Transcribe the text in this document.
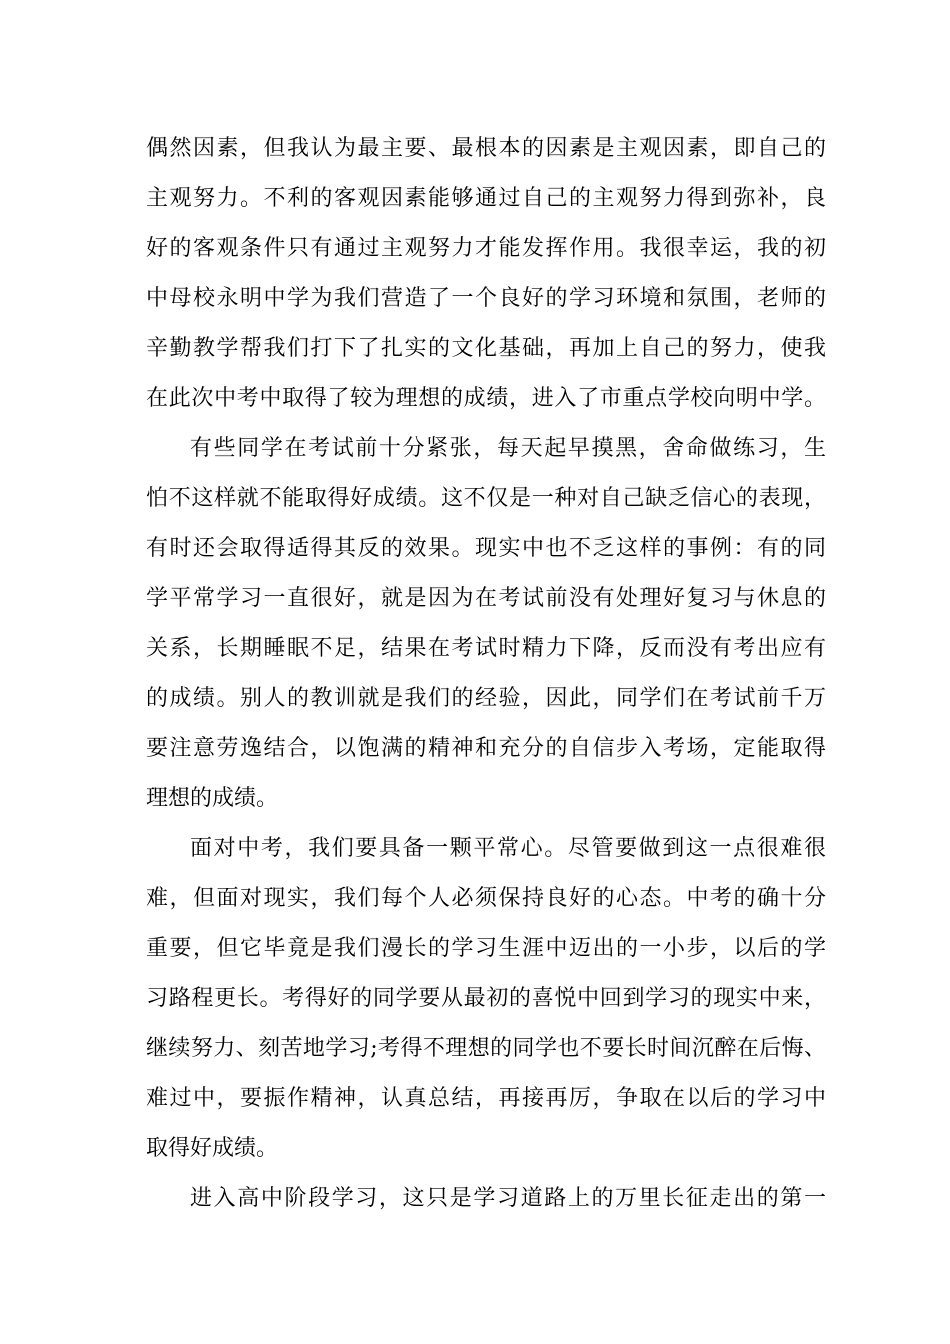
偶然因素，但我认为最主要、最根本的因素是主观因素，即自己的
主观努力。不利的客观因素能够通过自己的主观努力得到弥补，良
好的客观条件只有通过主观努力才能发挥作用。我很幸运，我的初
中母校永明中学为我们营造了一个良好的学习环境和氛围，老师的
辛勤教学帮我们打下了扎实的文化基础，再加上自己的努力，使我
在此次中考中取得了较为理想的成绩，进入了市重点学校向明中学。
有些同学在考试前十分紧张，每天起早摸黑，舍命做练习，生
怕不这样就不能取得好成绩。这不仅是一种对自己缺乏信心的表现，
有时还会取得适得其反的效果。现实中也不乏这样的事例：有的同
学平常学习一直很好，就是因为在考试前没有处理好复习与休息的
关系，长期睡眠不足，结果在考试时精力下降，反而没有考出应有
的成绩。别人的教训就是我们的经验，因此，同学们在考试前千万
要注意劳逸结合，以饱满的精神和充分的自信步入考场，定能取得
理想的成绩。
面对中考，我们要具备一颗平常心。尽管要做到这一点很难很
难，但面对现实，我们每个人必须保持良好的心态。中考的确十分
重要，但它毕竟是我们漫长的学习生涯中迈出的一小步，以后的学
习路程更长。考得好的同学要从最初的喜悦中回到学习的现实中来，
继续努力、刻苦地学习;考得不理想的同学也不要长时间沉醉在后悔、
难过中，要振作精神，认真总结，再接再厉，争取在以后的学习中
取得好成绩。
进入高中阶段学习，这只是学习道路上的万里长征走出的第一
